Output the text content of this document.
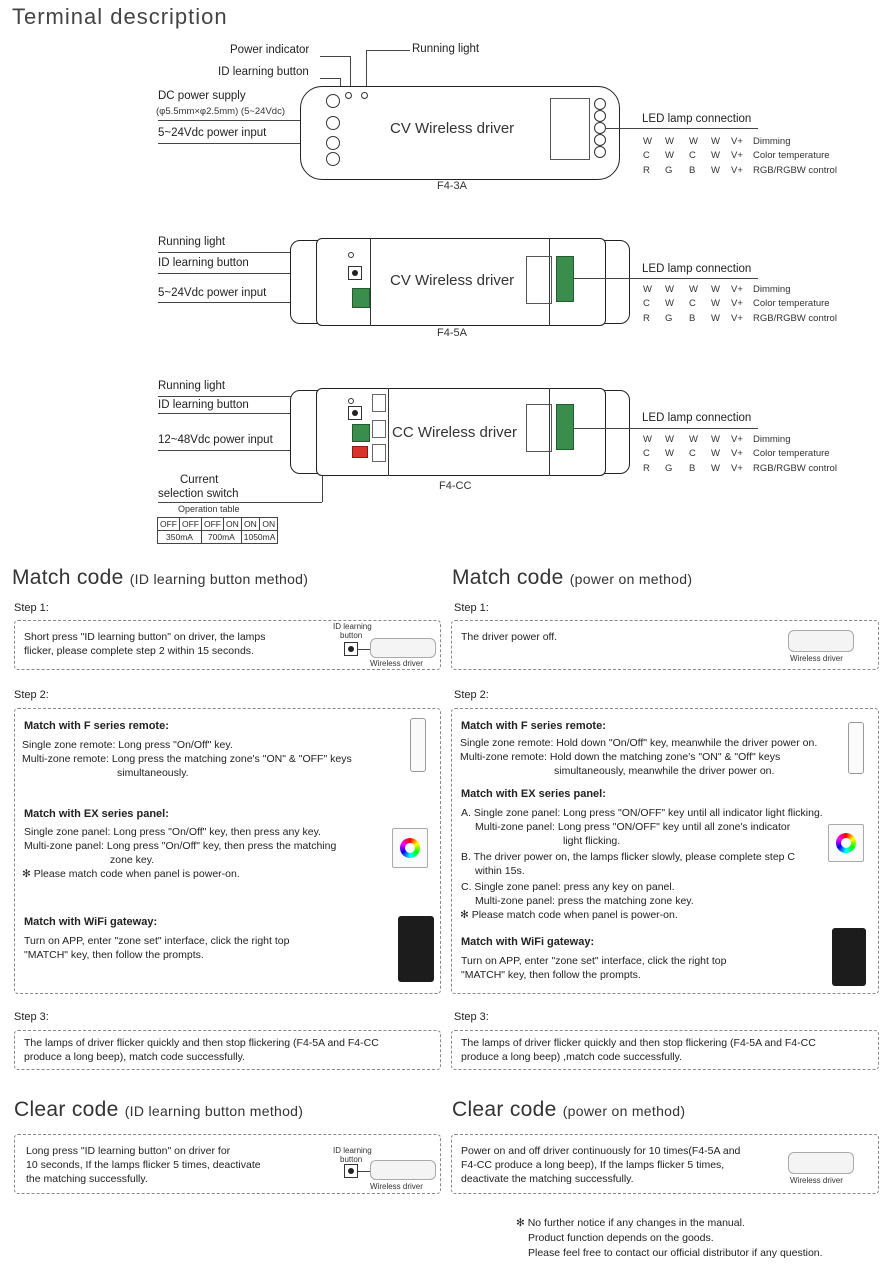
Terminal description
Power indicator	Running light
ID learning button
DC power supply
(φ5.5mm×φ2.5mm) (5~24Vdc)
5~24Vdc power input	CV Wireless driver
F4-3A
LED lamp connection
W W W W V+ Dimming
C W C W V+ Color temperature
R G B W V+ RGB/RGBW control
Running light
ID learning button
5~24Vdc power input
CV Wireless driver
F4-5A
LED lamp connection
W W W W V+ Dimming
C W C W V+ Color temperature
R G B W V+ RGB/RGBW control
Running light
ID learning button
12~48Vdc power input
Current
selection switch
CC Wireless driver
F4-CC
Operation table
OFF	OFF	OFF	ON	ON	ON
350mA		700mA		1050mA	
LED lamp connection
W W W W V+ Dimming
C W C W V+ Color temperature
R G B W V+ RGB/RGBW control
Match code (ID learning button method)
Step 1:
Short press "ID learning button" on driver, the lamps
flicker, please complete step 2 within 15 seconds.
ID learning
button
Wireless driver
Step 2:
Match with F series remote:
Single zone remote: Long press "On/Off" key.
Multi-zone remote: Long press the matching zone's "ON" & "OFF" keys
simultaneously.
Match with EX series panel:
Single zone panel: Long press "On/Off" key, then press any key.
Multi-zone panel: Long press "On/Off" key, then press the matching
zone key.
✻ Please match code when panel is power-on.
Match with WiFi gateway:
Turn on APP, enter "zone set" interface, click the right top
"MATCH" key, then follow the prompts.
Step 3:
The lamps of driver flicker quickly and then stop flickering (F4-5A and F4-CC
produce a long beep), match code successfully.
Match code (power on method)
Step 1:
The driver power off.
Wireless driver
Step 2:
Match with F series remote:
Single zone remote: Hold down "On/Off" key, meanwhile the driver power on.
Multi-zone remote: Hold down the matching zone's "ON" & "Off" keys
simultaneously, meanwhile the driver power on.
Match with EX series panel:
A. Single zone panel: Long press "ON/OFF" key until all indicator light flicking.
Multi-zone panel: Long press "ON/OFF" key until all zone's indicator
light flicking.
B. The driver power on, the lamps flicker slowly, please complete step C
within 15s.
C. Single zone panel: press any key on panel.
Multi-zone panel: press the matching zone key.
✻ Please match code when panel is power-on.
Match with WiFi gateway:
Turn on APP, enter "zone set" interface, click the right top
"MATCH" key, then follow the prompts.
Step 3:
The lamps of driver flicker quickly and then stop flickering (F4-5A and F4-CC
produce a long beep) ,match code successfully.
Clear code (ID learning button method)
Long press "ID learning button" on driver for
10 seconds, If the lamps flicker 5 times, deactivate
the matching successfully.
ID learning
button
Wireless driver
Clear code (power on method)
Power on and off driver continuously for 10 times(F4-5A and
F4-CC produce a long beep), If the lamps flicker 5 times,
deactivate the matching successfully.	Wireless driver
✻ No further notice if any changes in the manual.
Product function depends on the goods.
Please feel free to contact our official distributor if any question.
